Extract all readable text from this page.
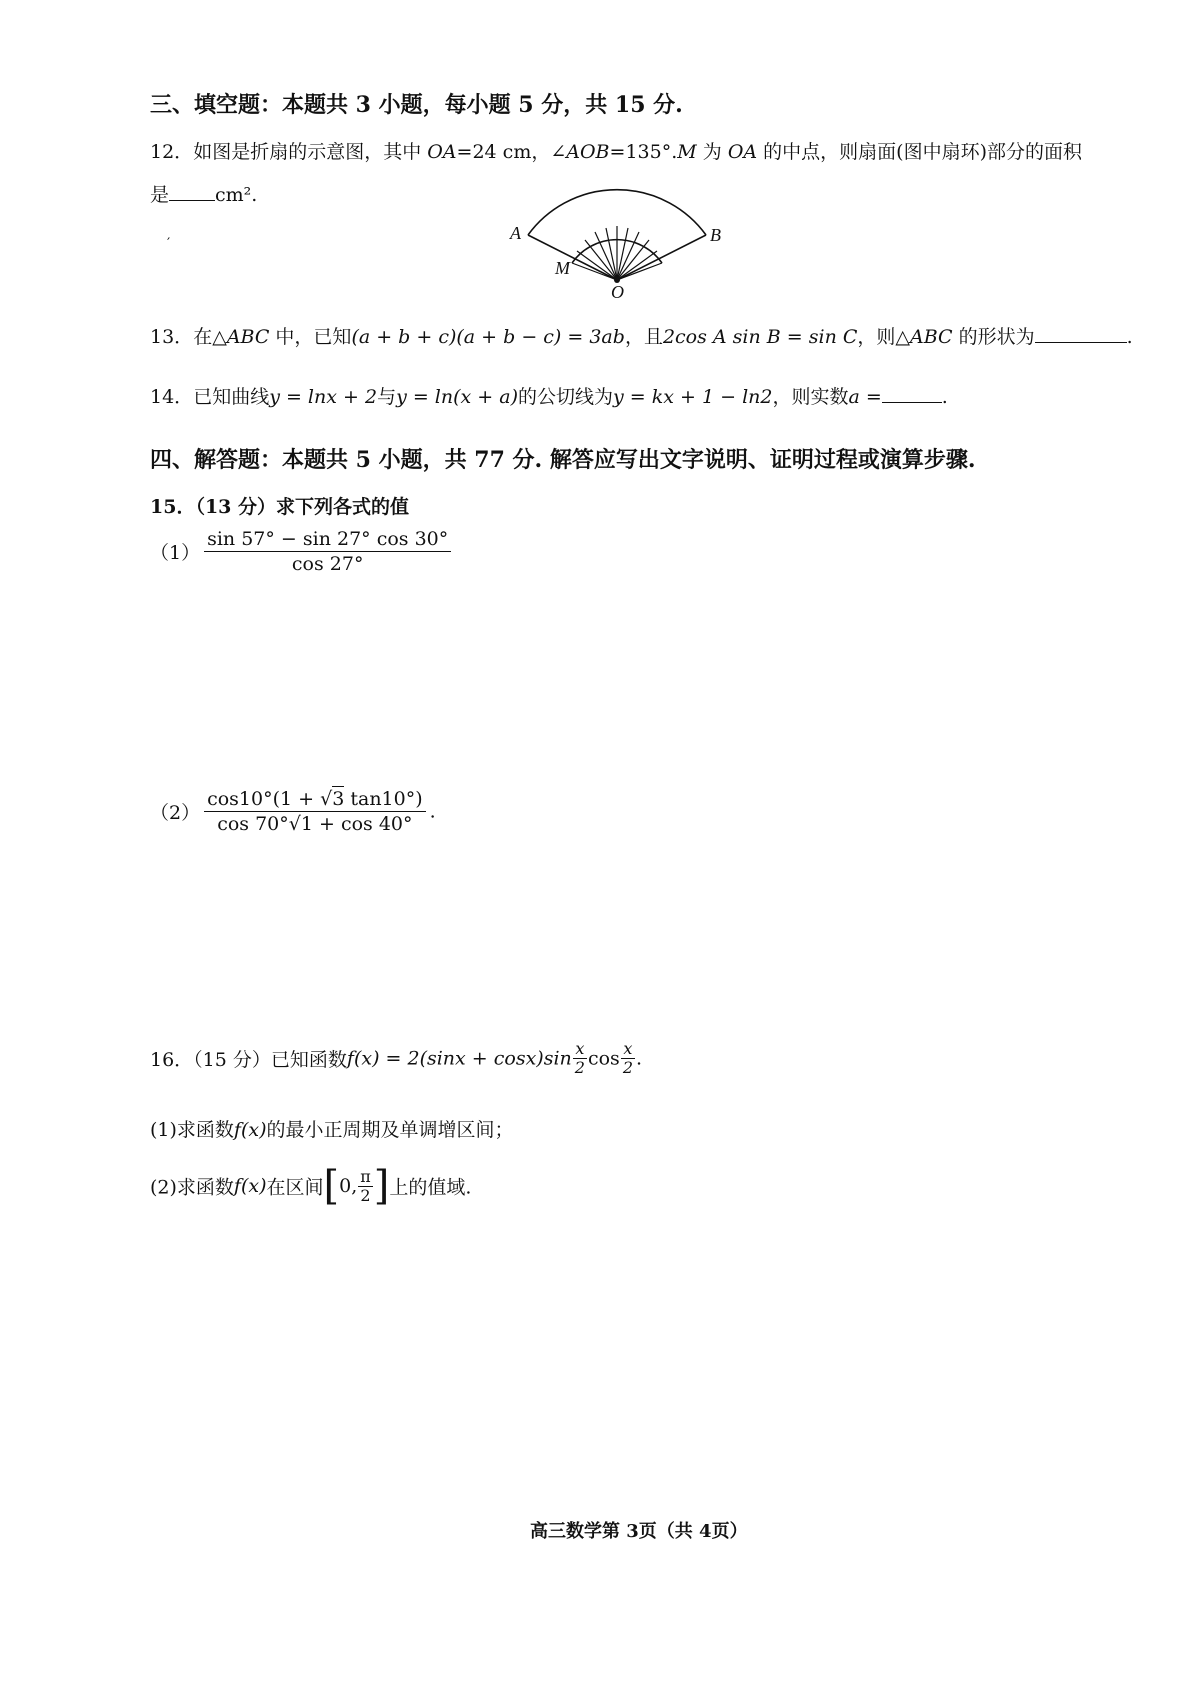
三、填空题：本题共 3 小题，每小题 5 分，共 15 分.
12．如图是折扇的示意图，其中 OA=24 cm，∠AOB=135°.M 为 OA 的中点，则扇面(图中扇环)部分的面积
是 cm².
′
A	B
M
O
13．在△ABC 中，已知(a + b + c)(a + b − c) = 3ab，且2cos A sin B = sin C，则△ABC 的形状为	.
14．已知曲线y = lnx + 2与y = ln(x + a)的公切线为y = kx + 1 − ln2，则实数a =	.
四、解答题：本题共 5 小题，共 77 分. 解答应写出文字说明、证明过程或演算步骤.
15．（13 分）求下列各式的值
$(1) \frac{\sin 57^\circ - \sin 27^\circ \cos 30^\circ}{\cos 27^\circ}$
$(2) \frac{\cos 10^\circ(1 + √3 \tan 10^\circ)}{\cos 70^\circ√1 + \cos 40^\circ}$ .
16．（15 分）已知函数$f(x) = 2(\sin x + \cos x)\sin \frac{x}{2}$ $\cos \frac{x}{2}$ .
(1)求函数f(x)的最小正周期及单调增区间；
(2)求函数f(x)在区间[0, $\frac{\pi}{2}$ ]上的值域.
高三数学第 3页（共 4页）
